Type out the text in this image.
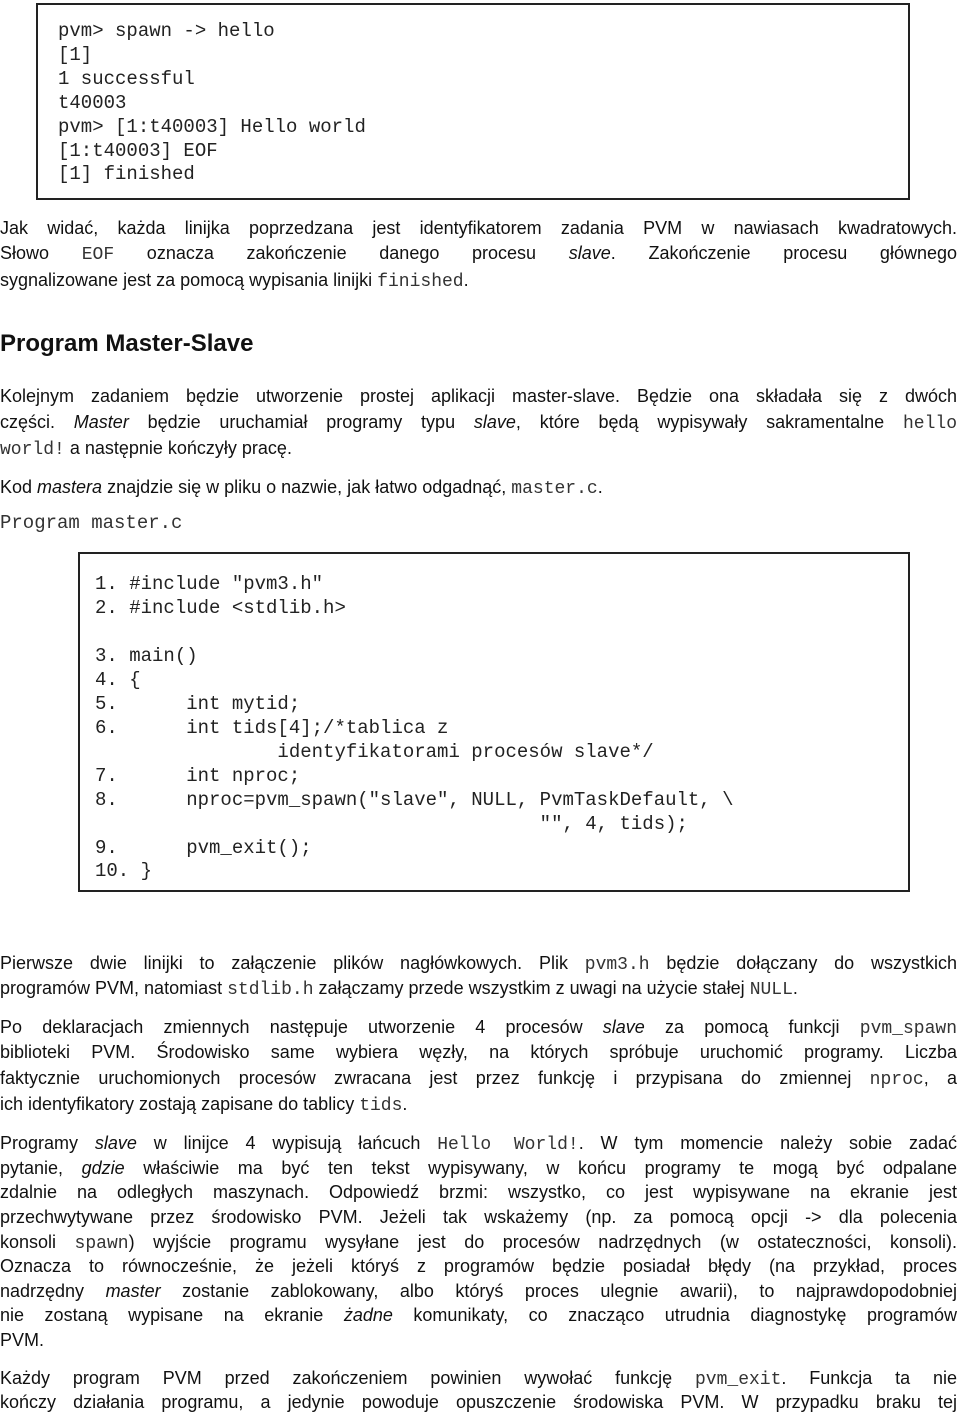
pvm> spawn -> hello
[1]
1 successful
t40003
pvm> [1:t40003] Hello world
[1:t40003] EOF
[1] finished
Jak widać, każda linijka poprzedzana jest identyfikatorem zadania PVM w nawiasach kwadratowych.
Słowo EOF oznacza zakończenie danego procesu slave. Zakończenie procesu głównego
sygnalizowane jest za pomocą wypisania linijki finished.
Program Master-Slave
Kolejnym zadaniem będzie utworzenie prostej aplikacji master-slave. Będzie ona składała się z dwóch
części. Master będzie uruchamiał programy typu slave, które będą wypisywały sakramentalne hello
world! a następnie kończyły pracę.
Kod mastera znajdzie się w pliku o nazwie, jak łatwo odgadnąć, master.c.
Program master.c
1. #include "pvm3.h"
2. #include <stdlib.h>
3. main()
4. {
5.      int mytid;
6.      int tids[4];/*tablica z
identyfikatorami procesów slave*/
7.      int nproc;
8.      nproc=pvm_spawn("slave", NULL, PvmTaskDefault, \
"", 4, tids);
9.      pvm_exit();
10. }
Pierwsze dwie linijki to załączenie plików nagłówkowych. Plik pvm3.h będzie dołączany do wszystkich
programów PVM, natomiast stdlib.h załączamy przede wszystkim z uwagi na użycie stałej NULL.
Po deklaracjach zmiennych następuje utworzenie 4 procesów slave za pomocą funkcji pvm_spawn
biblioteki PVM. Środowisko same wybiera węzły, na których spróbuje uruchomić programy. Liczba
faktycznie uruchomionych procesów zwracana jest przez funkcję i przypisana do zmiennej nproc, a
ich identyfikatory zostają zapisane do tablicy tids.
Programy slave w linijce 4 wypisują łańcuch Hello World!. W tym momencie należy sobie zadać
pytanie, gdzie właściwie ma być ten tekst wypisywany, w końcu programy te mogą być odpalane
zdalnie na odległych maszynach. Odpowiedź brzmi: wszystko, co jest wypisywane na ekranie jest
przechwytywane przez środowisko PVM. Jeżeli tak wskażemy (np. za pomocą opcji -> dla polecenia
konsoli spawn) wyjście programu wysyłane jest do procesów nadrzędnych (w ostateczności, konsoli).
Oznacza to równocześnie, że jeżeli któryś z programów będzie posiadał błędy (na przykład, proces
nadrzędny master zostanie zablokowany, albo któryś proces ulegnie awarii), to najprawdopodobniej
nie zostaną wypisane na ekranie żadne komunikaty, co znacząco utrudnia diagnostykę programów
PVM.
Każdy program PVM przed zakończeniem powinien wywołać funkcję pvm_exit. Funkcja ta nie
kończy działania programu, a jedynie powoduje opuszczenie środowiska PVM. W przypadku braku tej
